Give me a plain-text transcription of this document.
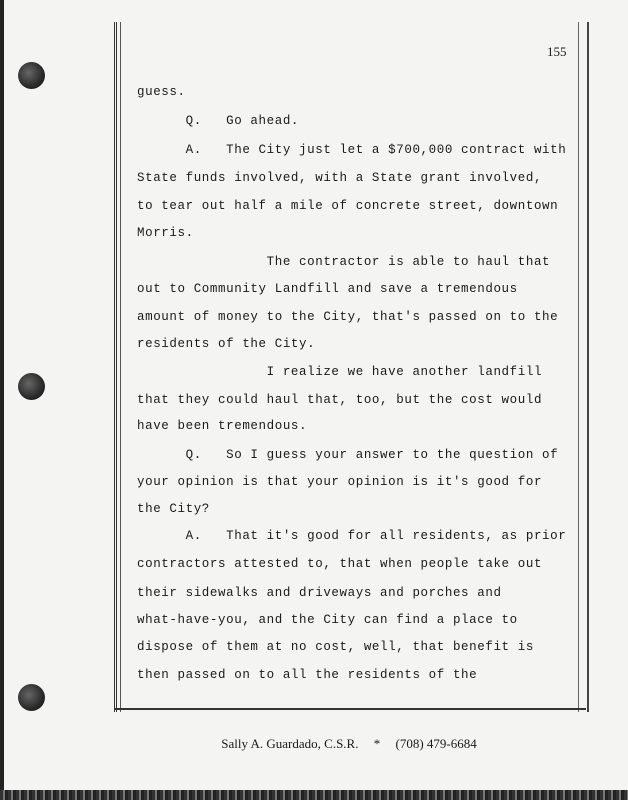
155
guess.
Q.   Go ahead.
A.   The City just let a $700,000 contract with
State funds involved, with a State grant involved,
to tear out half a mile of concrete street, downtown
Morris.
The contractor is able to haul that
out to Community Landfill and save a tremendous
amount of money to the City, that's passed on to the
residents of the City.
I realize we have another landfill
that they could haul that, too, but the cost would
have been tremendous.
Q.   So I guess your answer to the question of
your opinion is that your opinion is it's good for
the City?
A.   That it's good for all residents, as prior
contractors attested to, that when people take out
their sidewalks and driveways and porches and
what-have-you, and the City can find a place to
dispose of them at no cost, well, that benefit is
then passed on to all the residents of the
Sally A. Guardado, C.S.R. * (708) 479-6684
